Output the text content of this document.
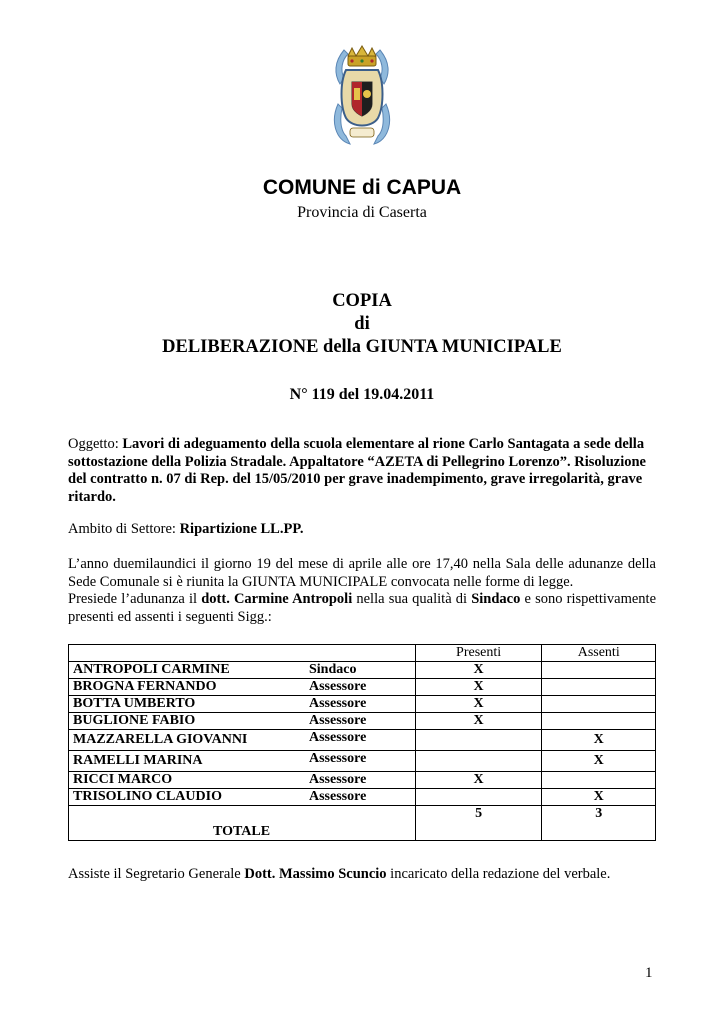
COMUNE di CAPUA
Provincia di Caserta
COPIA
di
DELIBERAZIONE della GIUNTA MUNICIPALE
N° 119 del 19.04.2011
Oggetto: Lavori di adeguamento della scuola elementare al rione Carlo Santagata a sede della sottostazione della Polizia Stradale. Appaltatore “AZETA di Pellegrino Lorenzo”. Risoluzione del contratto n. 07 di Rep. del 15/05/2010 per grave inadempimento, grave irregolarità, grave ritardo.
Ambito di Settore: Ripartizione LL.PP.
L’anno duemilaundici il giorno 19 del mese di aprile alle ore 17,40 nella Sala delle adunanze della Sede Comunale si è riunita la GIUNTA MUNICIPALE convocata nelle forme di legge.
Presiede l’adunanza il dott. Carmine Antropoli nella sua qualità di Sindaco e sono rispettivamente presenti ed assenti i seguenti Sigg.:
	Presenti	Assenti
ANTROPOLI CARMINE Sindaco	X	
BROGNA FERNANDO Assessore	X	
BOTTA UMBERTO Assessore	X	
BUGLIONE FABIO Assessore	X	
MAZZARELLA GIOVANNI Assessore		X
RAMELLI MARINA Assessore		X
RICCI MARCO Assessore	X	
TRISOLINO CLAUDIO Assessore		X
TOTALE	5	3
Assiste il Segretario Generale Dott. Massimo Scuncio incaricato della redazione del verbale.
1
